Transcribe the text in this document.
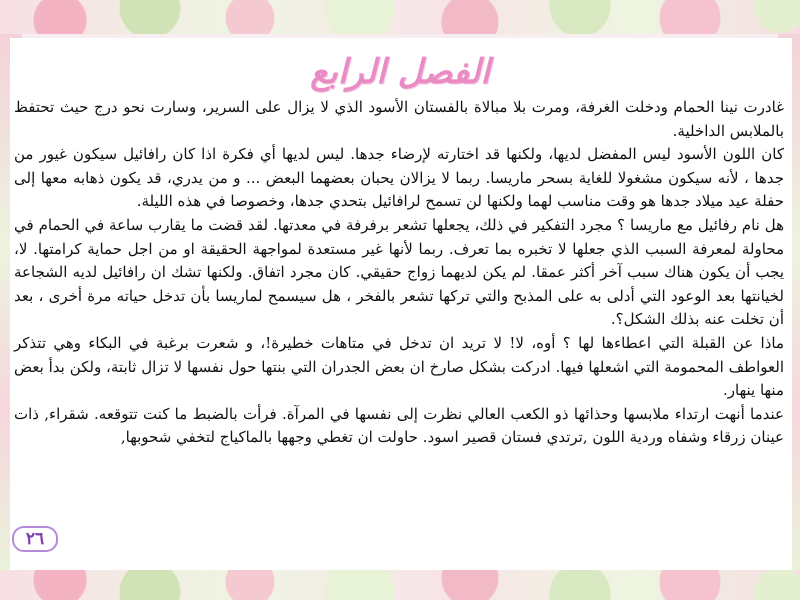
الفصل الرابع

غادرت نينا الحمام ودخلت الغرفة، ومرت بلا مبالاة بالفستان الأسود الذي لا يزال على السرير، وسارت نحو درج حيث تحتفظ بالملابس الداخلية.

كان اللون الأسود ليس المفضل لديها، ولكنها قد اختارته لإرضاء جدها. ليس لديها أي فكرة اذا كان رافائيل سيكون غيور من جدها ، لأنه سيكون مشغولا للغاية بسحر ماريسا. ربما لا يزالان يحبان بعضهما البعض ... و من يدري، قد يكون ذهابه معها إلى حفلة عيد ميلاد جدها هو وقت مناسب لهما ولكنها لن تسمح لرافائيل بتحدي جدها، وخصوصا في هذه الليلة.

هل نام رفائيل مع ماريسا ؟ مجرد التفكير في ذلك، يجعلها تشعر برفرفة في معدتها. لقد قضت ما يقارب ساعة في الحمام في محاولة لمعرفة السبب الذي جعلها لا تخبره بما تعرف. ربما لأنها غير مستعدة لمواجهة الحقيقة او من اجل حماية كرامتها. لا، يجب أن يكون هناك سبب آخر أكثر عمقا. لم يكن لديهما زواج حقيقي. كان مجرد اتفاق. ولكنها تشك ان رافائيل لديه الشجاعة لخيانتها بعد الوعود التي أدلى به على المذبح والتي تركها تشعر بالفخر ، هل سيسمح لماريسا بأن تدخل حياته مرة أخرى ، بعد أن تخلت عنه بذلك الشكل؟.

ماذا عن القبلة التي اعطاءها لها ؟ أوه، لا! لا تريد ان تدخل في متاهات خطيرة!، و شعرت برغبة في البكاء وهي تتذكر العواطف المحمومة التي اشعلها فيها. ادركت بشكل صارخ ان بعض الجدران التي بنتها حول نفسها لا تزال ثابتة، ولكن بدأ بعض منها ينهار.

عندما أنهت ارتداء ملابسها وحذائها ذو الكعب العالي نظرت إلى نفسها في المرآة. فرأت بالضبط ما كنت تتوقعه. شقراء, ذات عينان زرقاء وشفاه وردية اللون ,ترتدي فستان قصير اسود. حاولت ان تغطي وجهها بالماكياج لتخفي شحوبها,

٢٦
